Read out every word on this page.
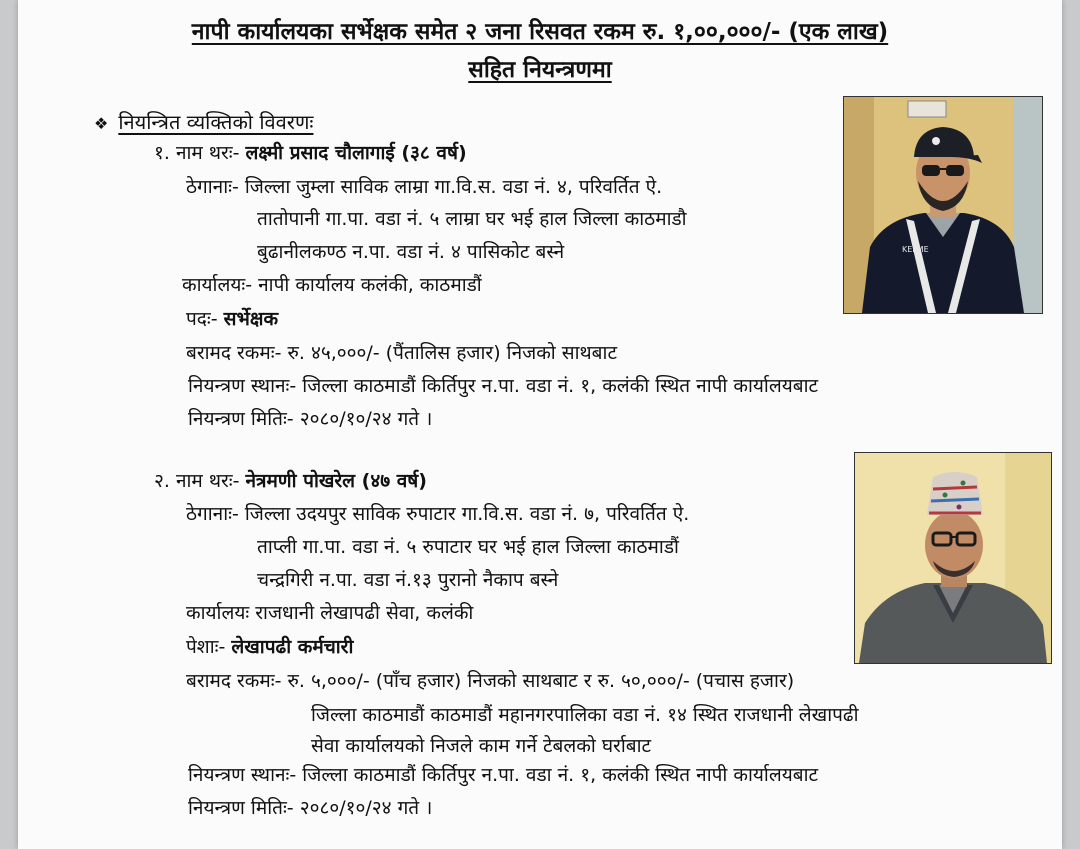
नापी कार्यालयका सर्भेक्षक समेत २ जना रिसवत रकम रु. १,००,०००/- (एक लाख)
सहित नियन्त्रणमा
❖ नियन्त्रित व्यक्तिको विवरणः
१. नाम थरः- लक्ष्मी प्रसाद चौलागाई (३८ वर्ष)
ठेगानाः- जिल्ला जुम्ला साविक लाम्रा गा.वि.स. वडा नं. ४, परिवर्तित ऐ.
तातोपानी गा.पा. वडा नं. ५ लाम्रा घर भई हाल जिल्ला काठमाडौ
बुढानीलकण्ठ न.पा. वडा नं. ४ पासिकोट बस्ने
कार्यालयः- नापी कार्यालय कलंकी, काठमाडौं
पदः- सर्भेक्षक
बरामद रकमः- रु. ४५,०००/- (पैंतालिस हजार) निजको साथबाट
नियन्त्रण स्थानः- जिल्ला काठमाडौं किर्तिपुर न.पा. वडा नं. १, कलंकी स्थित नापी कार्यालयबाट
नियन्त्रण मितिः- २०८०/१०/२४ गते ।
KELME
२. नाम थरः- नेत्रमणी पोखरेल (४७ वर्ष)
ठेगानाः- जिल्ला उदयपुर साविक रुपाटार गा.वि.स. वडा नं. ७, परिवर्तित ऐ.
ताप्ली गा.पा. वडा नं. ५ रुपाटार घर भई हाल जिल्ला काठमाडौं
चन्द्रगिरी न.पा. वडा नं.१३ पुरानो नैकाप बस्ने
कार्यालयः राजधानी लेखापढी सेवा, कलंकी
पेशाः- लेखापढी कर्मचारी
बरामद रकमः- रु. ५,०००/- (पाँच हजार) निजको साथबाट र रु. ५०,०००/- (पचास हजार)
जिल्ला काठमाडौं काठमाडौं महानगरपालिका वडा नं. १४ स्थित राजधानी लेखापढी
सेवा कार्यालयको निजले काम गर्ने टेबलको घर्राबाट
नियन्त्रण स्थानः- जिल्ला काठमाडौं किर्तिपुर न.पा. वडा नं. १, कलंकी स्थित नापी कार्यालयबाट
नियन्त्रण मितिः- २०८०/१०/२४ गते ।
